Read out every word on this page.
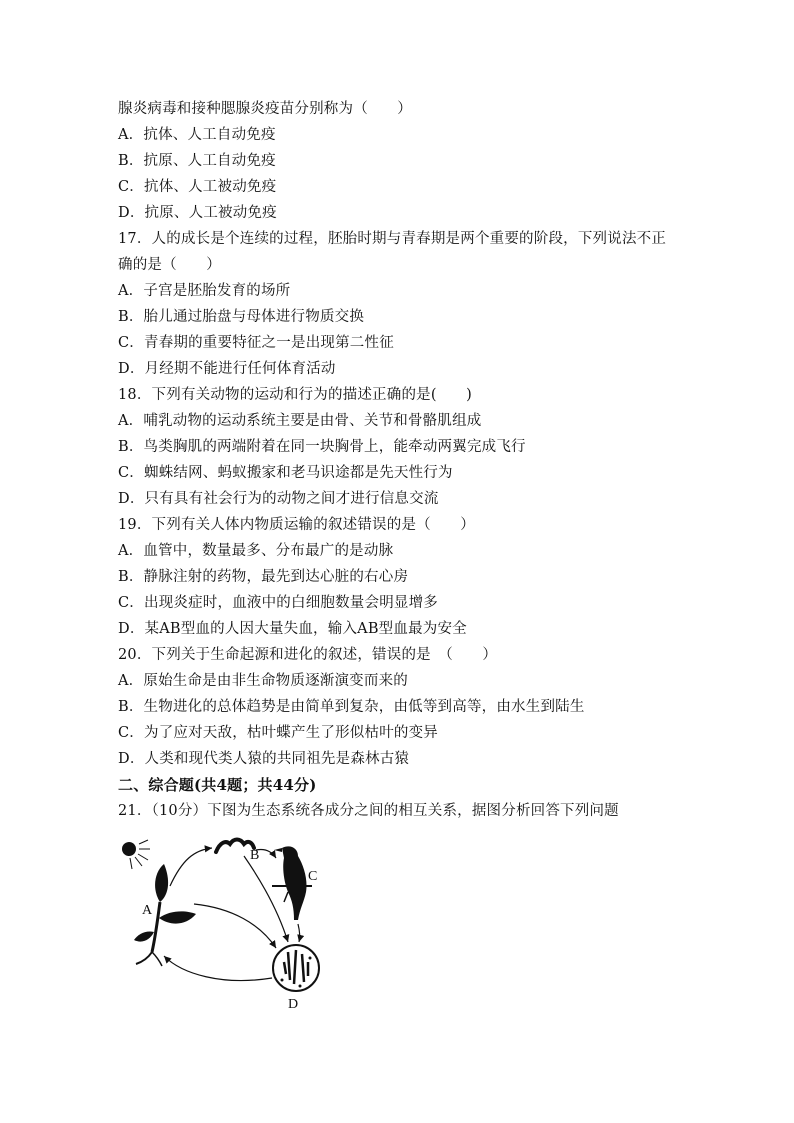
腺炎病毒和接种腮腺炎疫苗分别称为（　　）
A．抗体、人工自动免疫
B．抗原、人工自动免疫
C．抗体、人工被动免疫
D．抗原、人工被动免疫
17．人的成长是个连续的过程，胚胎时期与青春期是两个重要的阶段，下列说法不正
确的是（　　）
A．子宫是胚胎发育的场所
B．胎儿通过胎盘与母体进行物质交换
C．青春期的重要特征之一是出现第二性征
D．月经期不能进行任何体育活动
18．下列有关动物的运动和行为的描述正确的是(　　)
A．哺乳动物的运动系统主要是由骨、关节和骨骼肌组成
B．鸟类胸肌的两端附着在同一块胸骨上，能牵动两翼完成飞行
C．蜘蛛结网、蚂蚁搬家和老马识途都是先天性行为
D．只有具有社会行为的动物之间才进行信息交流
19．下列有关人体内物质运输的叙述错误的是（　　）
A．血管中，数量最多、分布最广的是动脉
B．静脉注射的药物，最先到达心脏的右心房
C．出现炎症时，血液中的白细胞数量会明显增多
D．某AB型血的人因大量失血，输入AB型血最为安全
20．下列关于生命起源和进化的叙述，错误的是　（　　）
A．原始生命是由非生命物质逐渐演变而来的
B．生物进化的总体趋势是由简单到复杂，由低等到高等，由水生到陆生
C．为了应对天敌，枯叶蝶产生了形似枯叶的变异
D．人类和现代类人猿的共同祖先是森林古猿
二、综合题(共4题；共44分)
21．（10分）下图为生态系统各成分之间的相互关系，据图分析回答下列问题
A
B
C
D
